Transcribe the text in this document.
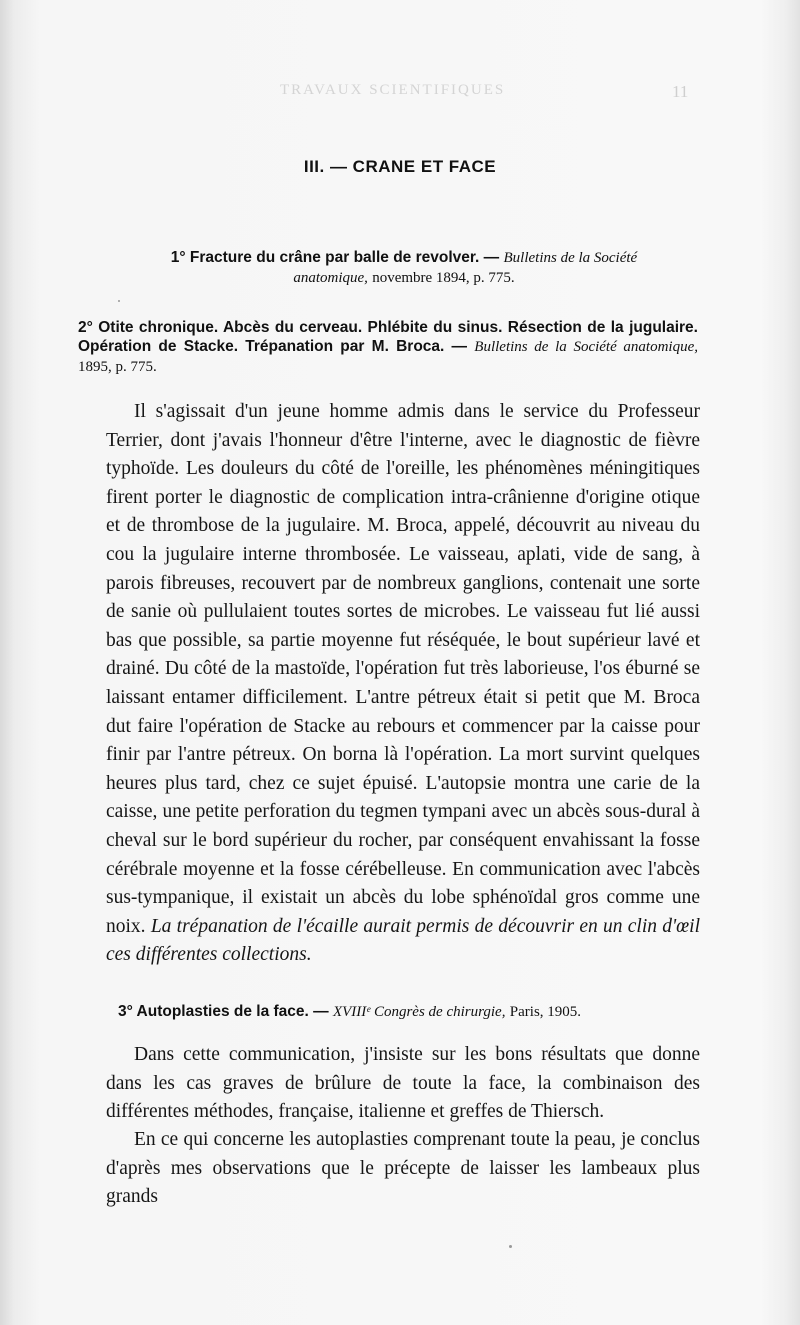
TRAVAUX SCIENTIFIQUES	11
III. — CRANE ET FACE
1° Fracture du crâne par balle de revolver. — Bulletins de la Société anatomique, novembre 1894, p. 775.
2° Otite chronique. Abcès du cerveau. Phlébite du sinus. Résection de la jugulaire. Opération de Stacke. Trépanation par M. Broca. — Bulletins de la Société anatomique, 1895, p. 775.
Il s'agissait d'un jeune homme admis dans le service du Professeur Terrier, dont j'avais l'honneur d'être l'interne, avec le diagnostic de fièvre typhoïde. Les douleurs du côté de l'oreille, les phénomènes méningitiques firent porter le diagnostic de complication intra-crânienne d'origine otique et de thrombose de la jugulaire. M. Broca, appelé, découvrit au niveau du cou la jugulaire interne thrombosée. Le vaisseau, aplati, vide de sang, à parois fibreuses, recouvert par de nombreux ganglions, contenait une sorte de sanie où pullulaient toutes sortes de microbes. Le vaisseau fut lié aussi bas que possible, sa partie moyenne fut réséquée, le bout supérieur lavé et drainé. Du côté de la mastoïde, l'opération fut très laborieuse, l'os éburné se laissant entamer difficilement. L'antre pétreux était si petit que M. Broca dut faire l'opération de Stacke au rebours et commencer par la caisse pour finir par l'antre pétreux. On borna là l'opération. La mort survint quelques heures plus tard, chez ce sujet épuisé. L'autopsie montra une carie de la caisse, une petite perforation du tegmen tympani avec un abcès sous-dural à cheval sur le bord supérieur du rocher, par conséquent envahissant la fosse cérébrale moyenne et la fosse cérébelleuse. En communication avec l'abcès sus-tympanique, il existait un abcès du lobe sphénoïdal gros comme une noix. La trépanation de l'écaille aurait permis de découvrir en un clin d'œil ces différentes collections.
3° Autoplasties de la face. — XVIIIᵉ Congrès de chirurgie, Paris, 1905.
Dans cette communication, j'insiste sur les bons résultats que donne dans les cas graves de brûlure de toute la face, la combinaison des différentes méthodes, française, italienne et greffes de Thiersch.
En ce qui concerne les autoplasties comprenant toute la peau, je conclus d'après mes observations que le précepte de laisser les lambeaux plus grands
